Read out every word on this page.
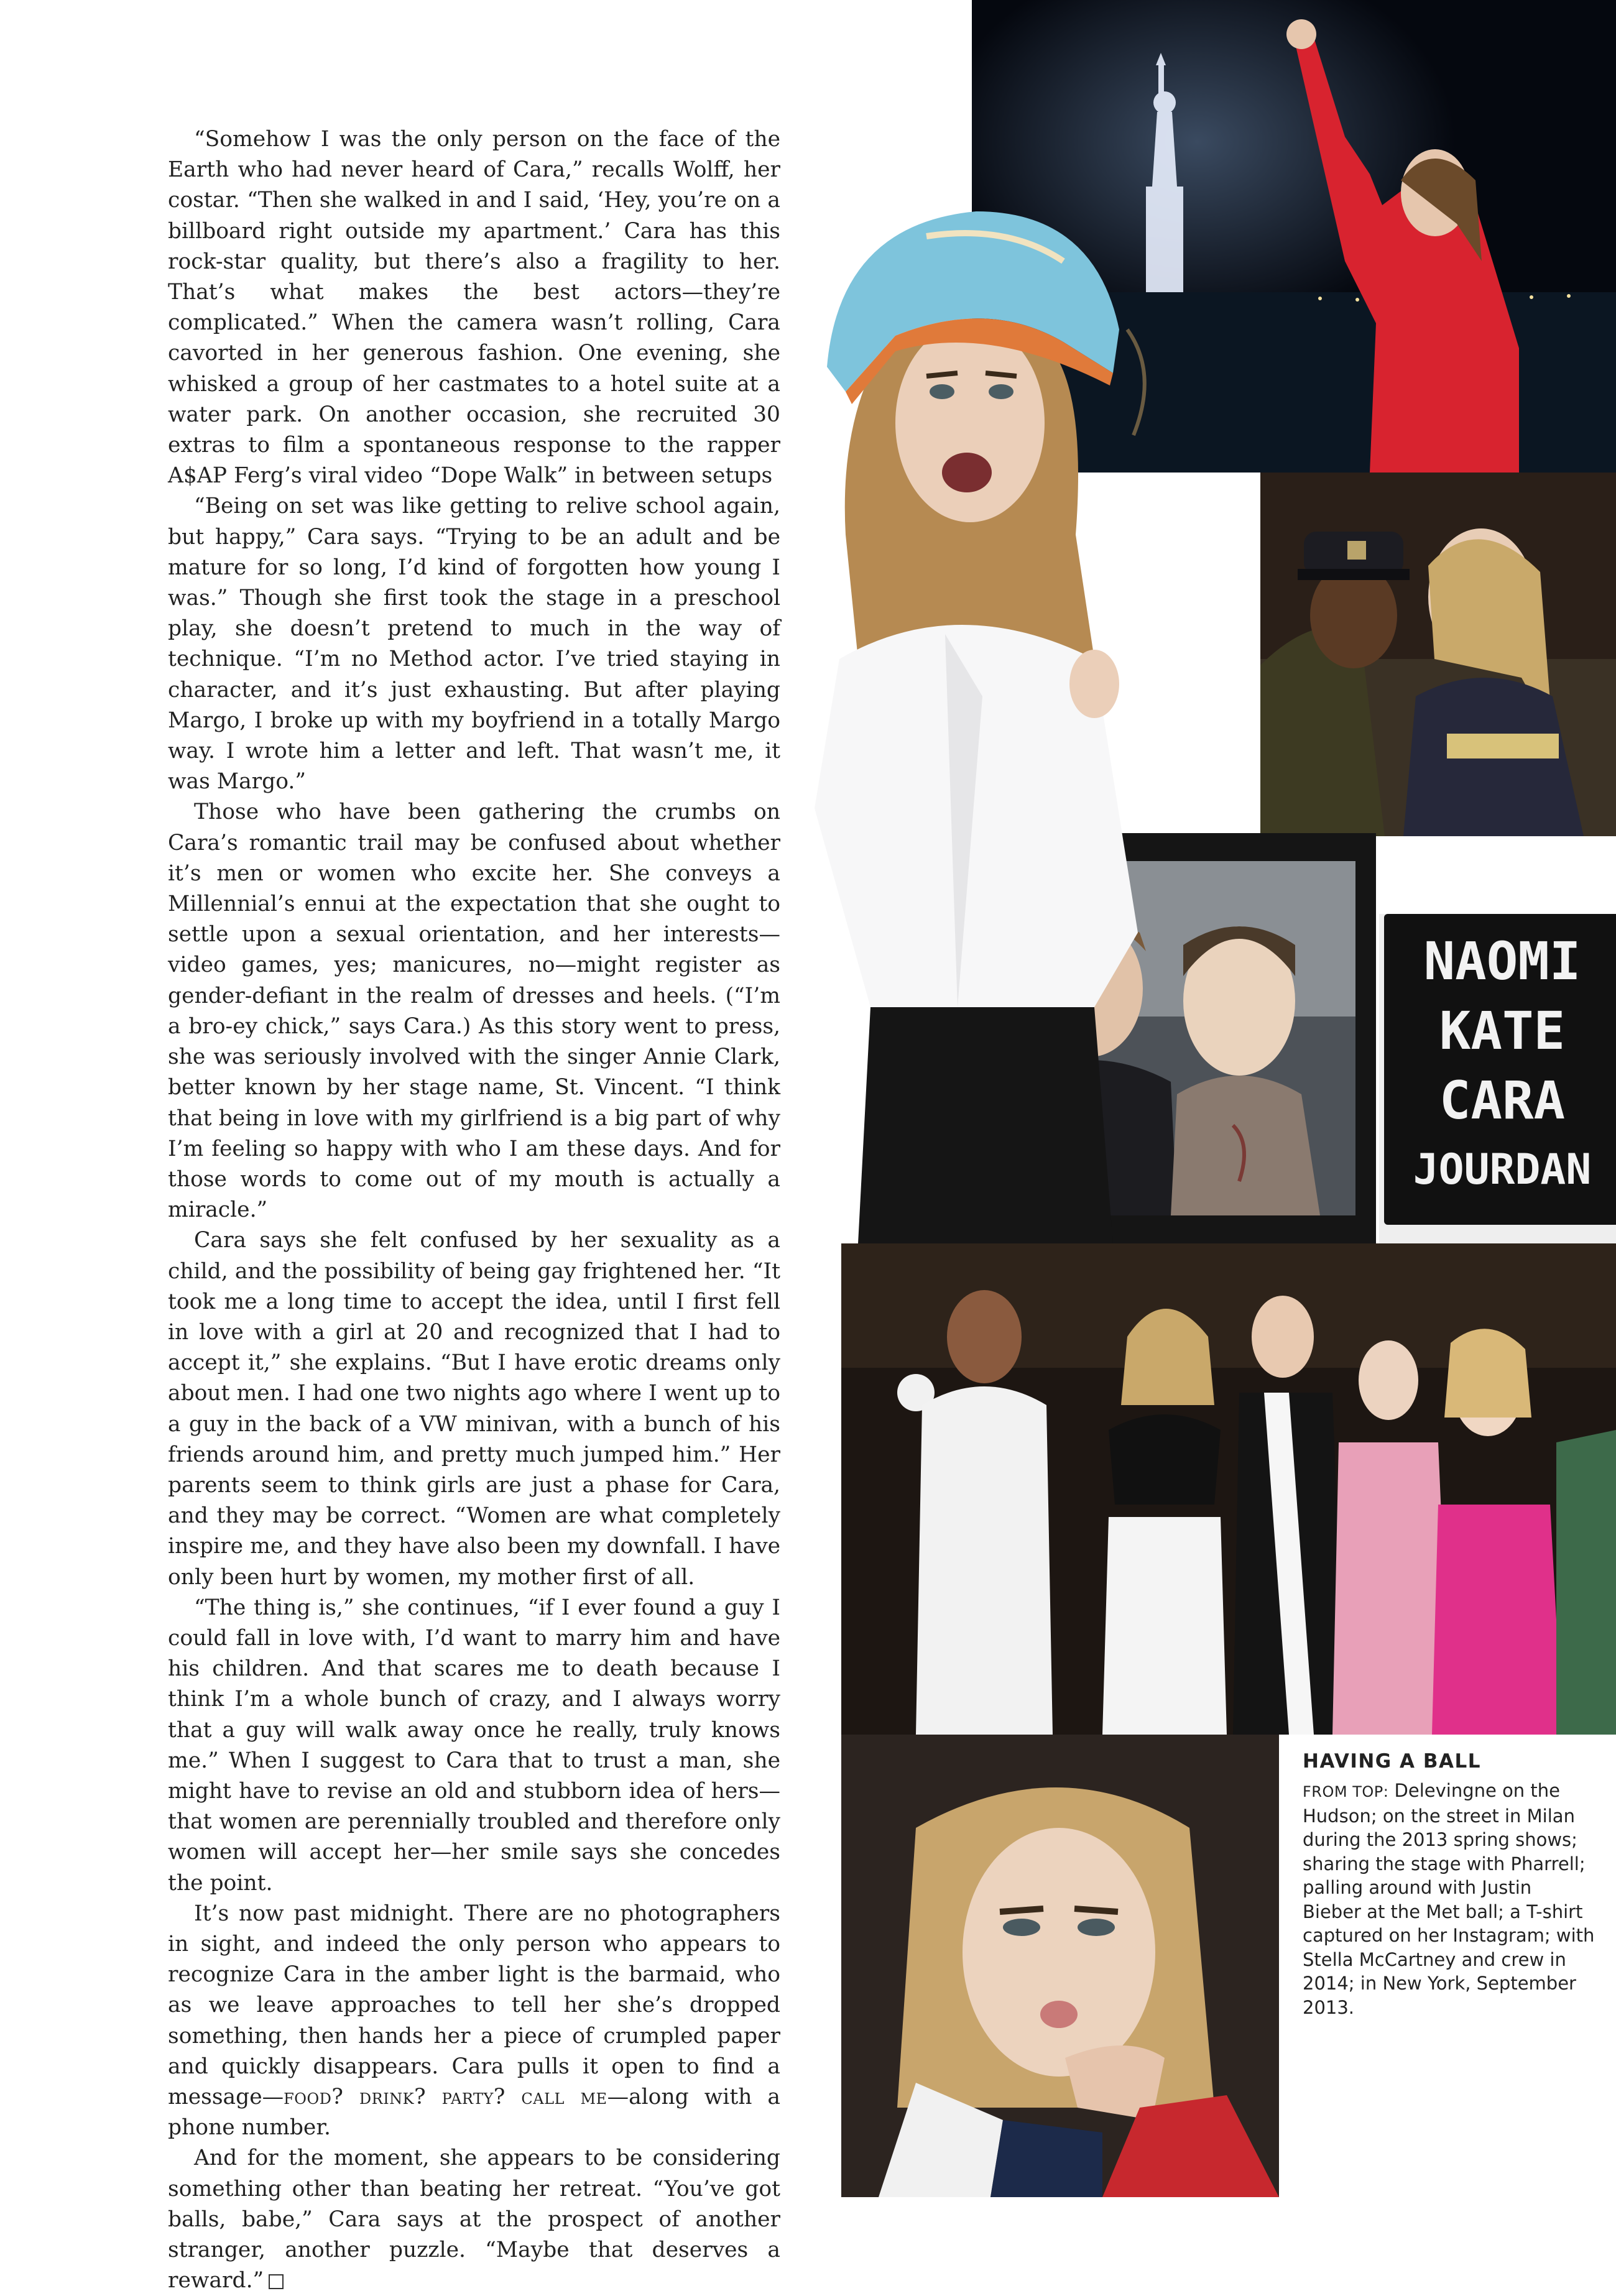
“Somehow I was the only person on the face of the Earth who had never heard of Cara,” recalls Wolff, her costar. “Then she walked in and I said, ‘Hey, you’re on a billboard right outside my apartment.’ Cara has this rock-star quality, but there’s also a fragility to her. That’s what makes the best actors—they’re complicated.” When the camera wasn’t rolling, Cara cavorted in her generous fashion. One evening, she whisked a group of her castmates to a hotel suite at a water park. On another occasion, she recruited 30 extras to film a spontaneous response to the rapper A$AP Ferg’s viral video “Dope Walk” in between setups

“Being on set was like getting to relive school again, but happy,” Cara says. “Trying to be an adult and be mature for so long, I’d kind of forgotten how young I was.” Though she first took the stage in a preschool play, she doesn’t pretend to much in the way of technique. “I’m no Method actor. I’ve tried staying in character, and it’s just exhausting. But after playing Margo, I broke up with my boyfriend in a totally Margo way. I wrote him a letter and left. That wasn’t me, it was Margo.”

Those who have been gathering the crumbs on Cara’s romantic trail may be confused about whether it’s men or women who excite her. She conveys a Millennial’s ennui at the expectation that she ought to settle upon a sexual orientation, and her interests—video games, yes; manicures, no—might register as gender-defiant in the realm of dresses and heels. (“I’m a bro-ey chick,” says Cara.) As this story went to press, she was seriously involved with the singer Annie Clark, better known by her stage name, St. Vincent. “I think that being in love with my girlfriend is a big part of why I’m feeling so happy with who I am these days. And for those words to come out of my mouth is actually a miracle.”

Cara says she felt confused by her sexuality as a child, and the possibility of being gay frightened her. “It took me a long time to accept the idea, until I first fell in love with a girl at 20 and recognized that I had to accept it,” she explains. “But I have erotic dreams only about men. I had one two nights ago where I went up to a guy in the back of a VW minivan, with a bunch of his friends around him, and pretty much jumped him.” Her parents seem to think girls are just a phase for Cara, and they may be correct. “Women are what completely inspire me, and they have also been my downfall. I have only been hurt by women, my mother first of all.

“The thing is,” she continues, “if I ever found a guy I could fall in love with, I’d want to marry him and have his children. And that scares me to death because I think I’m a whole bunch of crazy, and I always worry that a guy will walk away once he really, truly knows me.” When I suggest to Cara that to trust a man, she might have to revise an old and stubborn idea of hers—that women are perennially troubled and therefore only women will accept her—her smile says she concedes the point.

It’s now past midnight. There are no photographers in sight, and indeed the only person who appears to recognize Cara in the amber light is the barmaid, who as we leave approaches to tell her she’s dropped something, then hands her a piece of crumpled paper and quickly disappears. Cara pulls it open to find a message—food? drink? party? call me—along with a phone number.

And for the moment, she appears to be considering something other than beating her retreat. “You’ve got balls, babe,” Cara says at the prospect of another stranger, another puzzle. “Maybe that deserves a reward.”

NAOMI
KATE
CARA
JOURDAN
HAVING A BALL
FROM TOP: Delevingne on the Hudson; on the street in Milan during the 2013 spring shows; sharing the stage with Pharrell; palling around with Justin Bieber at the Met ball; a T-shirt captured on her Instagram; with Stella McCartney and crew in 2014; in New York, September 2013.
